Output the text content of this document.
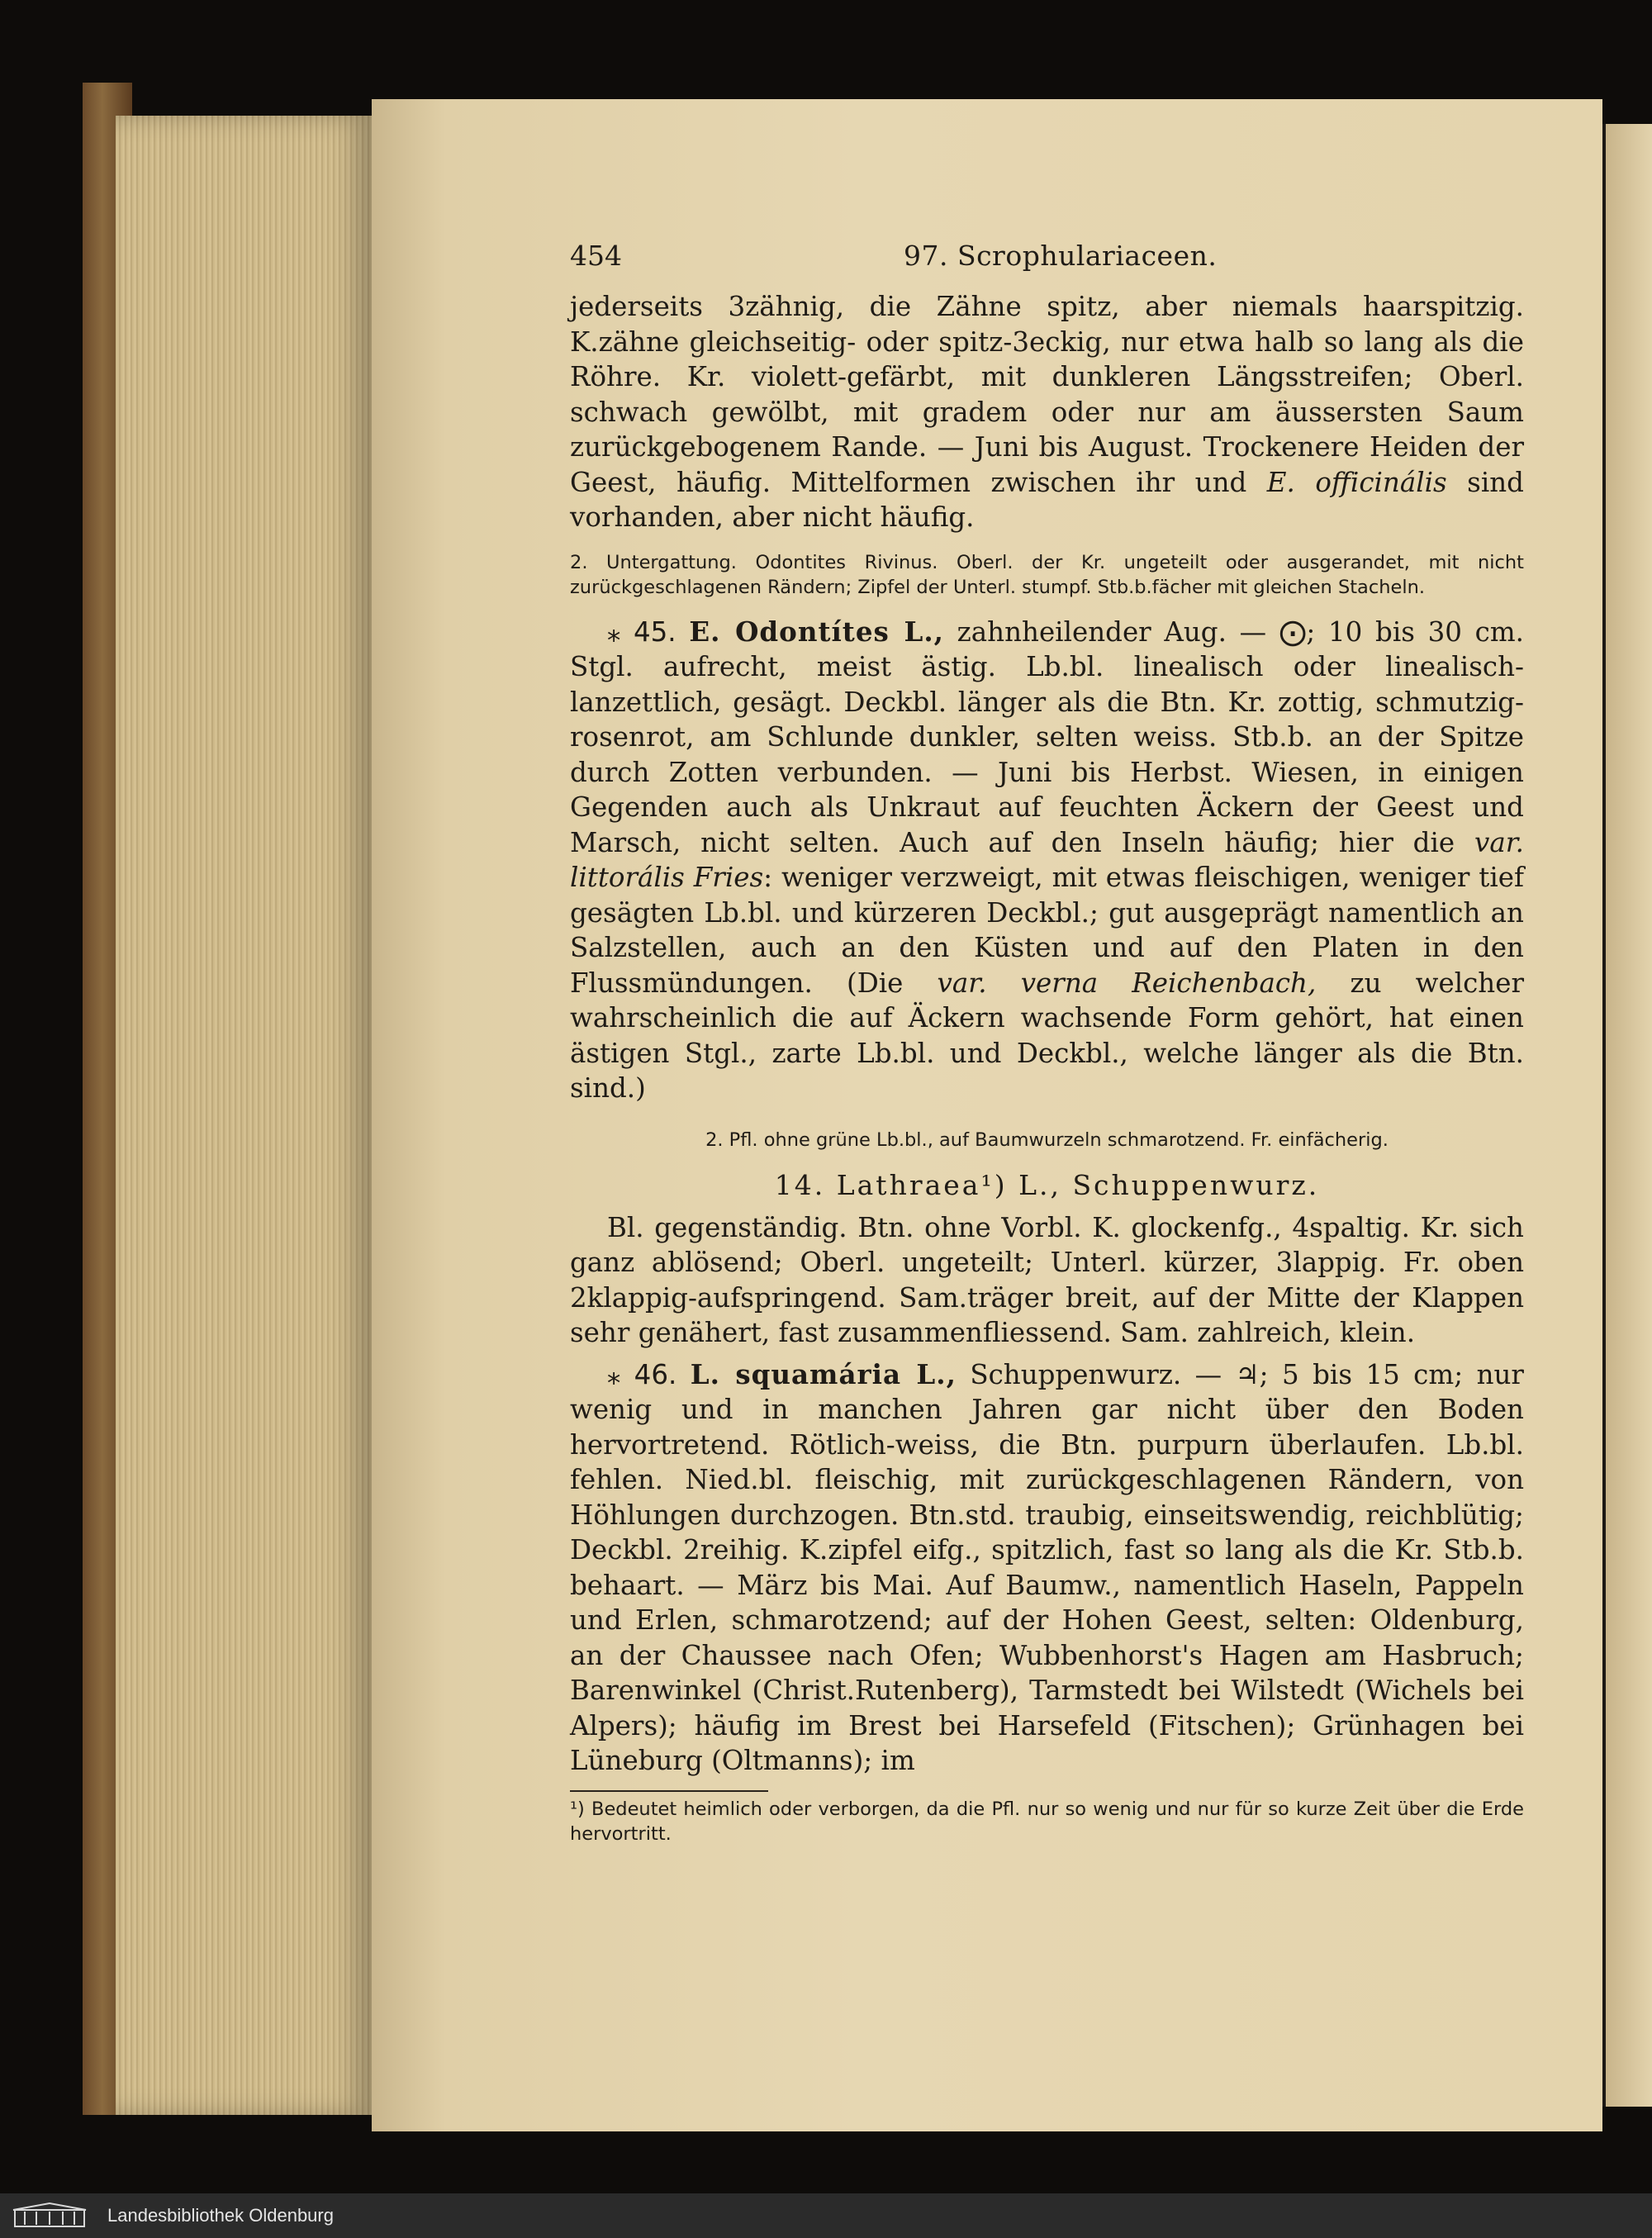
454	97. Scrophulariaceen.

jederseits 3zähnig, die Zähne spitz, aber niemals haarspitzig. K.zähne gleichseitig- oder spitz-3eckig, nur etwa halb so lang als die Röhre. Kr. violett-gefärbt, mit dunkleren Längsstreifen; Oberl. schwach gewölbt, mit gradem oder nur am äussersten Saum zurückgebogenem Rande. — Juni bis August. Trockenere Heiden der Geest, häufig. Mittelformen zwischen ihr und E. officinális sind vorhanden, aber nicht häufig.

2. Untergattung. Odontites Rivinus. Oberl. der Kr. ungeteilt oder ausgerandet, mit nicht zurückgeschlagenen Rändern; Zipfel der Unterl. stumpf. Stb.b.fächer mit gleichen Stacheln.

⁎ 45. E. Odontítes L., zahnheilender Aug. — ⨀; 10 bis 30 cm. Stgl. aufrecht, meist ästig. Lb.bl. linealisch oder linealisch-lanzettlich, gesägt. Deckbl. länger als die Btn. Kr. zottig, schmutzig-rosenrot, am Schlunde dunkler, selten weiss. Stb.b. an der Spitze durch Zotten verbunden. — Juni bis Herbst. Wiesen, in einigen Gegenden auch als Unkraut auf feuchten Äckern der Geest und Marsch, nicht selten. Auch auf den Inseln häufig; hier die var. littorális Fries: weniger verzweigt, mit etwas fleischigen, weniger tief gesägten Lb.bl. und kürzeren Deckbl.; gut ausgeprägt namentlich an Salzstellen, auch an den Küsten und auf den Platen in den Flussmündungen. (Die var. verna Reichenbach, zu welcher wahrscheinlich die auf Äckern wachsende Form gehört, hat einen ästigen Stgl., zarte Lb.bl. und Deckbl., welche länger als die Btn. sind.)

2. Pfl. ohne grüne Lb.bl., auf Baumwurzeln schmarotzend. Fr. einfächerig.

14. Lathraea¹) L., Schuppenwurz.

Bl. gegenständig. Btn. ohne Vorbl. K. glockenfg., 4spaltig. Kr. sich ganz ablösend; Oberl. ungeteilt; Unterl. kürzer, 3lappig. Fr. oben 2klappig-aufspringend. Sam.träger breit, auf der Mitte der Klappen sehr genähert, fast zusammenfliessend. Sam. zahlreich, klein.

⁎ 46. L. squamária L., Schuppenwurz. — ♃; 5 bis 15 cm; nur wenig und in manchen Jahren gar nicht über den Boden hervortretend. Rötlich-weiss, die Btn. purpurn überlaufen. Lb.bl. fehlen. Nied.bl. fleischig, mit zurückgeschlagenen Rändern, von Höhlungen durchzogen. Btn.std. traubig, einseitswendig, reichblütig; Deckbl. 2reihig. K.zipfel eifg., spitzlich, fast so lang als die Kr. Stb.b. behaart. — März bis Mai. Auf Baumw., namentlich Haseln, Pappeln und Erlen, schmarotzend; auf der Hohen Geest, selten: Oldenburg, an der Chaussee nach Ofen; Wubbenhorst's Hagen am Hasbruch; Barenwinkel (Christ.Rutenberg), Tarmstedt bei Wilstedt (Wichels bei Alpers); häufig im Brest bei Harsefeld (Fitschen); Grünhagen bei Lüneburg (Oltmanns); im

¹) Bedeutet heimlich oder verborgen, da die Pfl. nur so wenig und nur für so kurze Zeit über die Erde hervortritt.

Landesbibliothek Oldenburg
